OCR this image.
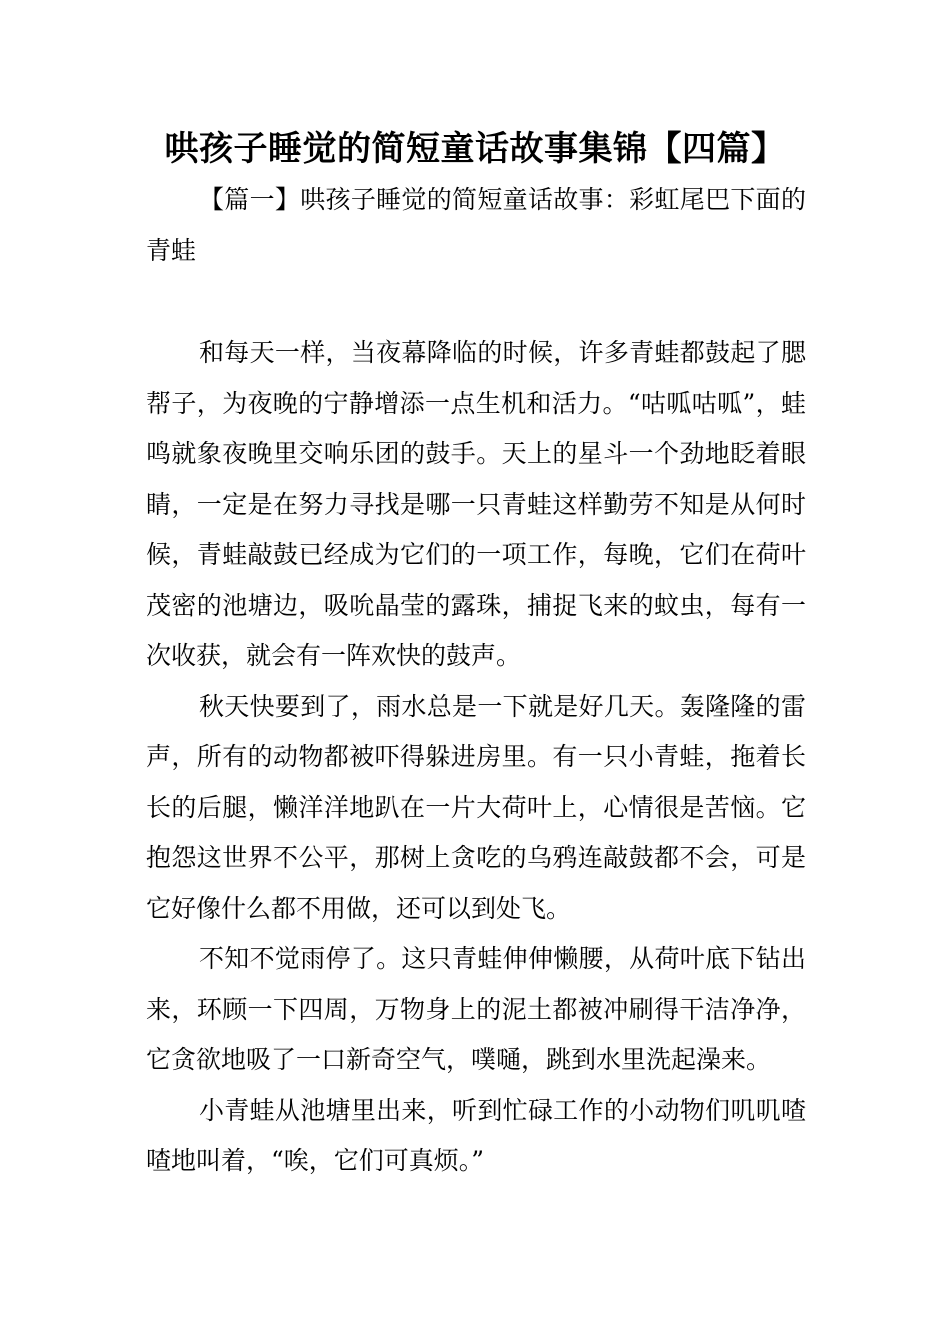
哄孩子睡觉的简短童话故事集锦【四篇】

【篇一】哄孩子睡觉的简短童话故事：彩虹尾巴下面的青蛙

和每天一样，当夜幕降临的时候，许多青蛙都鼓起了腮帮子，为夜晚的宁静增添一点生机和活力。“咕呱咕呱”，蛙鸣就象夜晚里交响乐团的鼓手。天上的星斗一个劲地眨着眼睛，一定是在努力寻找是哪一只青蛙这样勤劳不知是从何时候，青蛙敲鼓已经成为它们的一项工作，每晚，它们在荷叶茂密的池塘边，吸吮晶莹的露珠，捕捉飞来的蚊虫，每有一次收获，就会有一阵欢快的鼓声。

秋天快要到了，雨水总是一下就是好几天。轰隆隆的雷声，所有的动物都被吓得躲进房里。有一只小青蛙，拖着长长的后腿，懒洋洋地趴在一片大荷叶上，心情很是苦恼。它抱怨这世界不公平，那树上贪吃的乌鸦连敲鼓都不会，可是它好像什么都不用做，还可以到处飞。

不知不觉雨停了。这只青蛙伸伸懒腰，从荷叶底下钻出来，环顾一下四周，万物身上的泥土都被冲刷得干洁净净，它贪欲地吸了一口新奇空气，噗嗵，跳到水里洗起澡来。

小青蛙从池塘里出来，听到忙碌工作的小动物们叽叽喳喳地叫着，“唉，它们可真烦。”
